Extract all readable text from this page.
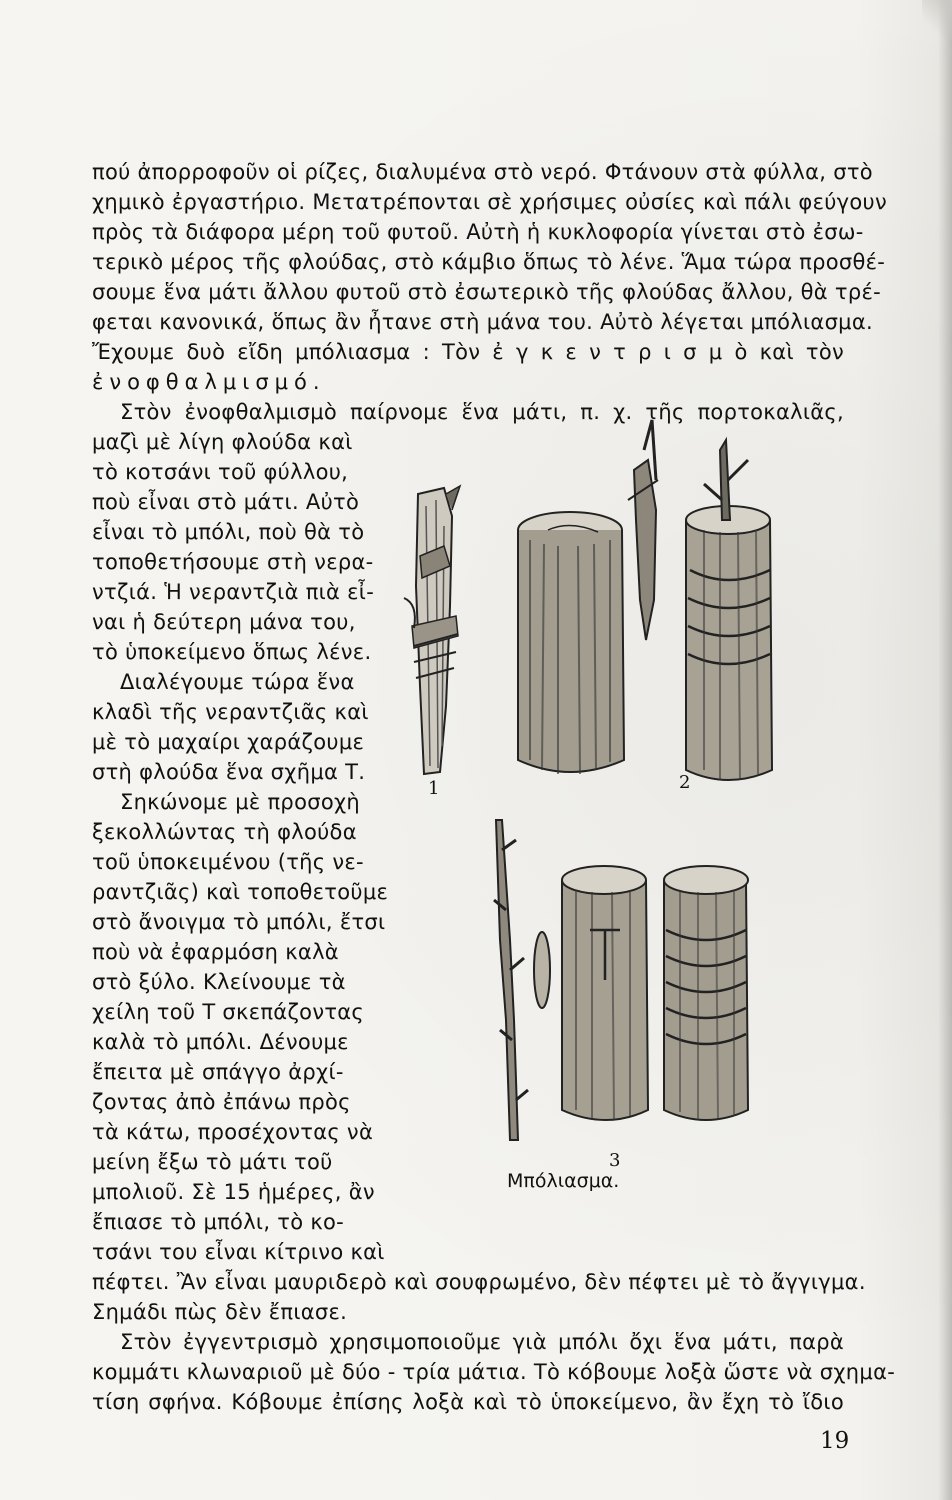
πού ἀπορροφοῦν οἱ ρίζες, διαλυμένα στὸ νερό. Φτάνουν στὰ φύλλα, στὸ
χημικὸ ἐργαστήριο. Μετατρέπονται σὲ χρήσιμες οὐσίες καὶ πάλι φεύγουν
πρὸς τὰ διάφορα μέρη τοῦ φυτοῦ. Αὐτὴ ἡ κυκλοφορία γίνεται στὸ ἐσω-
τερικὸ μέρος τῆς φλούδας, στὸ κάμβιο ὅπως τὸ λένε. Ἅμα τώρα προσθέ-
σουμε ἕνα μάτι ἄλλου φυτοῦ στὸ ἐσωτερικὸ τῆς φλούδας ἄλλου, θὰ τρέ-
φεται κανονικά, ὅπως ἂν ἦτανε στὴ μάνα του. Αὐτὸ λέγεται μπόλιασμα.
Ἔχουμε δυὸ εἴδη μπόλιασμα : Τὸν ἐ γ κ ε ν τ ρ ι σ μ ὸ καὶ τὸν
ἐνοφθαλμισμό.
Στὸν ἐνοφθαλμισμὸ παίρνομε ἕνα μάτι, π. χ. τῆς πορτοκαλιᾶς,
μαζὶ μὲ λίγη φλούδα καὶ
τὸ κοτσάνι τοῦ φύλλου,
ποὺ εἶναι στὸ μάτι. Αὐτὸ
εἶναι τὸ μπόλι, ποὺ θὰ τὸ
τοποθετήσουμε στὴ νερα-
ντζιά. Ἡ νεραντζιὰ πιὰ εἶ-
ναι ἡ δεύτερη μάνα του,
τὸ ὑποκείμενο ὅπως λένε.
Διαλέγουμε τώρα ἕνα
κλαδὶ τῆς νεραντζιᾶς καὶ
μὲ τὸ μαχαίρι χαράζουμε
στὴ φλούδα ἕνα σχῆμα Τ.
Σηκώνομε μὲ προσοχὴ
ξεκολλώντας τὴ φλούδα
τοῦ ὑποκειμένου (τῆς νε-
ραντζιᾶς) καὶ τοποθετοῦμε
στὸ ἄνοιγμα τὸ μπόλι, ἔτσι
ποὺ νὰ ἐφαρμόση καλὰ
στὸ ξύλο. Κλείνουμε τὰ
χείλη τοῦ Τ σκεπάζοντας
καλὰ τὸ μπόλι. Δένουμε
ἔπειτα μὲ σπάγγο ἀρχί-
ζοντας ἀπὸ ἐπάνω πρὸς
τὰ κάτω, προσέχοντας νὰ
μείνη ἔξω τὸ μάτι τοῦ
μπολιοῦ. Σὲ 15 ἡμέρες, ἂν
ἔπιασε τὸ μπόλι, τὸ κο-
τσάνι του εἶναι κίτρινο καὶ
πέφτει. Ἂν εἶναι μαυριδερὸ καὶ σουφρωμένο, δὲν πέφτει μὲ τὸ ἄγγιγμα.
Σημάδι πὼς δὲν ἔπιασε.
Στὸν ἐγγεντρισμὸ χρησιμοποιοῦμε γιὰ μπόλι ὄχι ἕνα μάτι, παρὰ
κομμάτι κλωναριοῦ μὲ δύο - τρία μάτια. Τὸ κόβουμε λοξὰ ὥστε νὰ σχημα-
τίση σφήνα. Κόβουμε ἐπίσης λοξὰ καὶ τὸ ὑποκείμενο, ἂν ἔχη τὸ ἴδιο
1	2
3
Μπόλιασμα.
19
